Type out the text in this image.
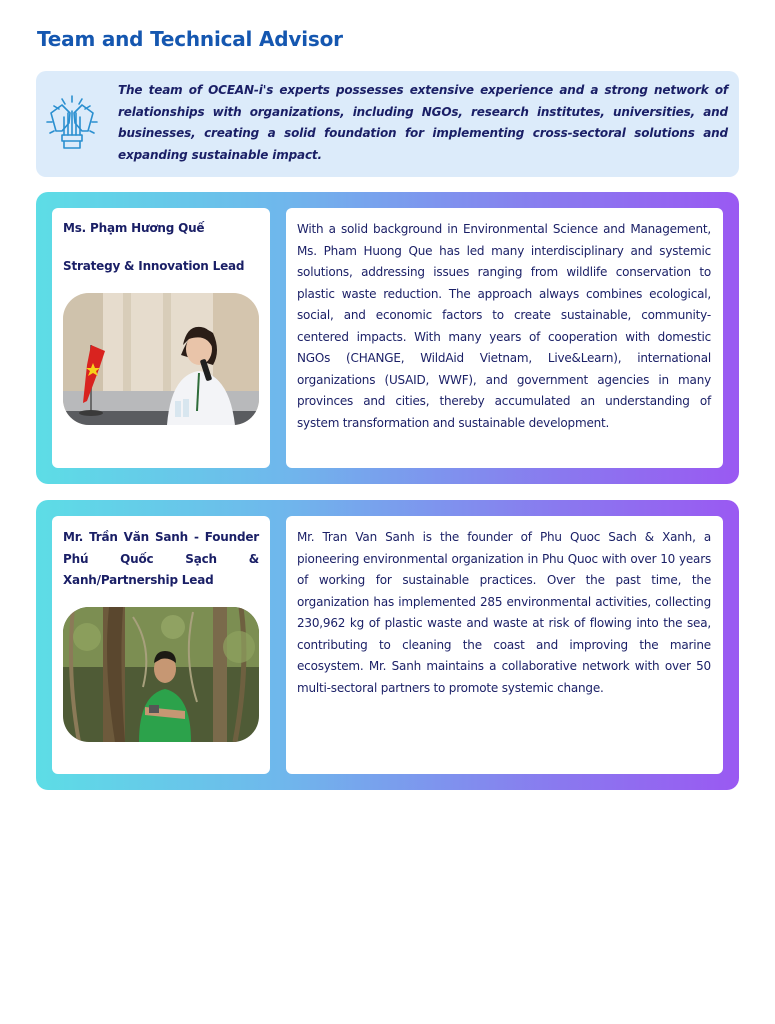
Team and Technical Advisor

The team of OCEAN-i's experts possesses extensive experience and a strong network of relationships with organizations, including NGOs, research institutes, universities, and businesses, creating a solid foundation for implementing cross-sectoral solutions and expanding sustainable impact.

Ms. Phạm Hương Quế

Strategy & Innovation Lead

With a solid background in Environmental Science and Management, Ms. Pham Huong Que has led many interdisciplinary and systemic solutions, addressing issues ranging from wildlife conservation to plastic waste reduction. The approach always combines ecological, social, and economic factors to create sustainable, community-centered impacts. With many years of cooperation with domestic NGOs (CHANGE, WildAid Vietnam, Live&Learn), international organizations (USAID, WWF), and government agencies in many provinces and cities, thereby accumulated an understanding of system transformation and sustainable development.

Mr. Trần Văn Sanh - Founder Phú Quốc Sạch & Xanh/Partnership Lead

Mr. Tran Van Sanh is the founder of Phu Quoc Sach & Xanh, a pioneering environmental organization in Phu Quoc with over 10 years of working for sustainable practices. Over the past time, the organization has implemented 285 environmental activities, collecting 230,962 kg of plastic waste and waste at risk of flowing into the sea, contributing to cleaning the coast and improving the marine ecosystem. Mr. Sanh maintains a collaborative network with over 50 multi-sectoral partners to promote systemic change.
